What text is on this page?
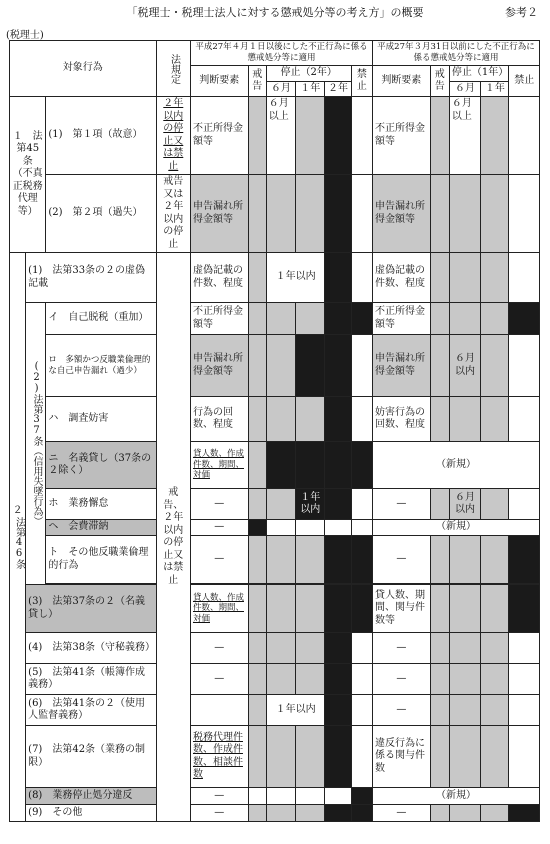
「税理士・税理士法人に対する懲戒処分等の考え方」の概要	参考２
(税理士)
対象行為			法規定	平成27年４月１日以後にした不正行為に係る懲戒処分等に適用						平成27年３月31日以前にした不正行為に係る懲戒処分等に適用				
				判断要素	戒告	停止（2年）			禁止	判断要素	戒告	停止（1年）		禁止
						６月	１年	２年				６月	１年	

１　法第45条
（不真正税務代理等）		(1)　第１項（故意）	２年以内の停止又は禁止	不正所得金額等		６月以上				不正所得金額等		６月以上		
		(2)　第２項（過失）	戒告又は２年以内の停止	申告漏れ所得金額等						申告漏れ所得金額等				

２
法第46条	(1)　法第33条の２の虚偽記載		戒告、２年以内の停止又は禁止	虚偽記載の件数、程度		１年以内				虚偽記載の件数、程度				

	(2)法第37条（信用失墜行為）	イ　自己脱税（重加）		不正所得金額等						不正所得金額等				
		ロ　多額かつ反職業倫理的な自己申告漏れ（過少）		申告漏れ所得金額等						申告漏れ所得金額等		６月以内		
		ハ　調査妨害		行為の回数、程度						妨害行為の回数、程度				
		ニ　名義貸し（37条の２除く）		貸人数、作成件数、期間、対価						（新規）				
		ホ　業務懈怠		—			１年以内			—		６月以内		
		ヘ　会費滞納		—						（新規）				
		ト　その他反職業倫理的行為		—						—				

	(3)　法第37条の２（名義貸し）			貸人数、作成件数、期間、対価						貸人数、期間、関与件数等				
	(4)　法第38条（守秘義務）			—						—				
	(5)　法第41条（帳簿作成義務）			—						—				
	(6)　法第41条の２（使用人監督義務）					１年以内				—				
	(7)　法第42条（業務の制限）			税務代理件数、作成件数、相談件数						違反行為に係る関与件数				
	(8)　業務停止処分違反			—						（新規）				
	(9)　その他			—						—				
